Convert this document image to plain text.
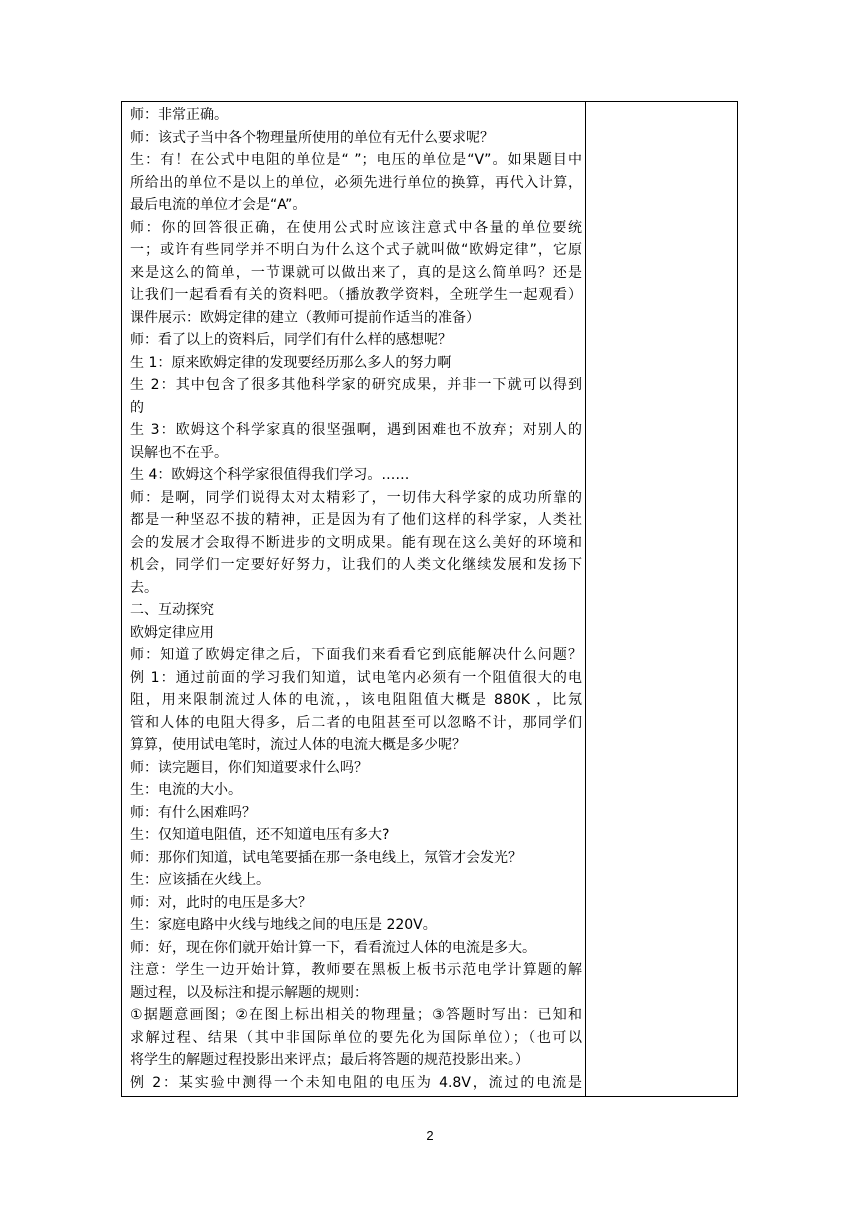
师：非常正确。
师：该式子当中各个物理量所使用的单位有无什么要求呢？
生：有！在公式中电阻的单位是“ ”；电压的单位是“V”。如果题目中
所给出的单位不是以上的单位，必须先进行单位的换算，再代入计算，
最后电流的单位才会是“A”。
师：你的回答很正确，在使用公式时应该注意式中各量的单位要统
一；或许有些同学并不明白为什么这个式子就叫做“欧姆定律”，它原
来是这么的简单，一节课就可以做出来了，真的是这么简单吗？还是
让我们一起看看有关的资料吧。（播放教学资料，全班学生一起观看）
课件展示：欧姆定律的建立（教师可提前作适当的准备）
师：看了以上的资料后，同学们有什么样的感想呢？
生 1：原来欧姆定律的发现要经历那么多人的努力啊
生 2：其中包含了很多其他科学家的研究成果，并非一下就可以得到
的
生 3：欧姆这个科学家真的很坚强啊，遇到困难也不放弃；对别人的
误解也不在乎。
生 4：欧姆这个科学家很值得我们学习。……
师：是啊，同学们说得太对太精彩了，一切伟大科学家的成功所靠的
都是一种坚忍不拔的精神，正是因为有了他们这样的科学家，人类社
会的发展才会取得不断进步的文明成果。能有现在这么美好的环境和
机会，同学们一定要好好努力，让我们的人类文化继续发展和发扬下
去。
二、互动探究
欧姆定律应用
师：知道了欧姆定律之后，下面我们来看看它到底能解决什么问题？
例 1：通过前面的学习我们知道，试电笔内必须有一个阻值很大的电
阻，用来限制流过人体的电流，，该电阻阻值大概是 880K ，比氖
管和人体的电阻大得多，后二者的电阻甚至可以忽略不计，那同学们
算算，使用试电笔时，流过人体的电流大概是多少呢？
师：读完题目，你们知道要求什么吗？
生：电流的大小。
师：有什么困难吗？
生：仅知道电阻值，还不知道电压有多大?
师：那你们知道，试电笔要插在那一条电线上，氖管才会发光？
生：应该插在火线上。
师：对，此时的电压是多大？
生：家庭电路中火线与地线之间的电压是 220V。
师：好，现在你们就开始计算一下，看看流过人体的电流是多大。
注意：学生一边开始计算，教师要在黑板上板书示范电学计算题的解
题过程，以及标注和提示解题的规则：
①据题意画图；②在图上标出相关的物理量；③答题时写出：已知和
求解过程、结果（其中非国际单位的要先化为国际单位）；（也可以
将学生的解题过程投影出来评点；最后将答题的规范投影出来。）
例 2：某实验中测得一个未知电阻的电压为 4.8V，流过的电流是
2
